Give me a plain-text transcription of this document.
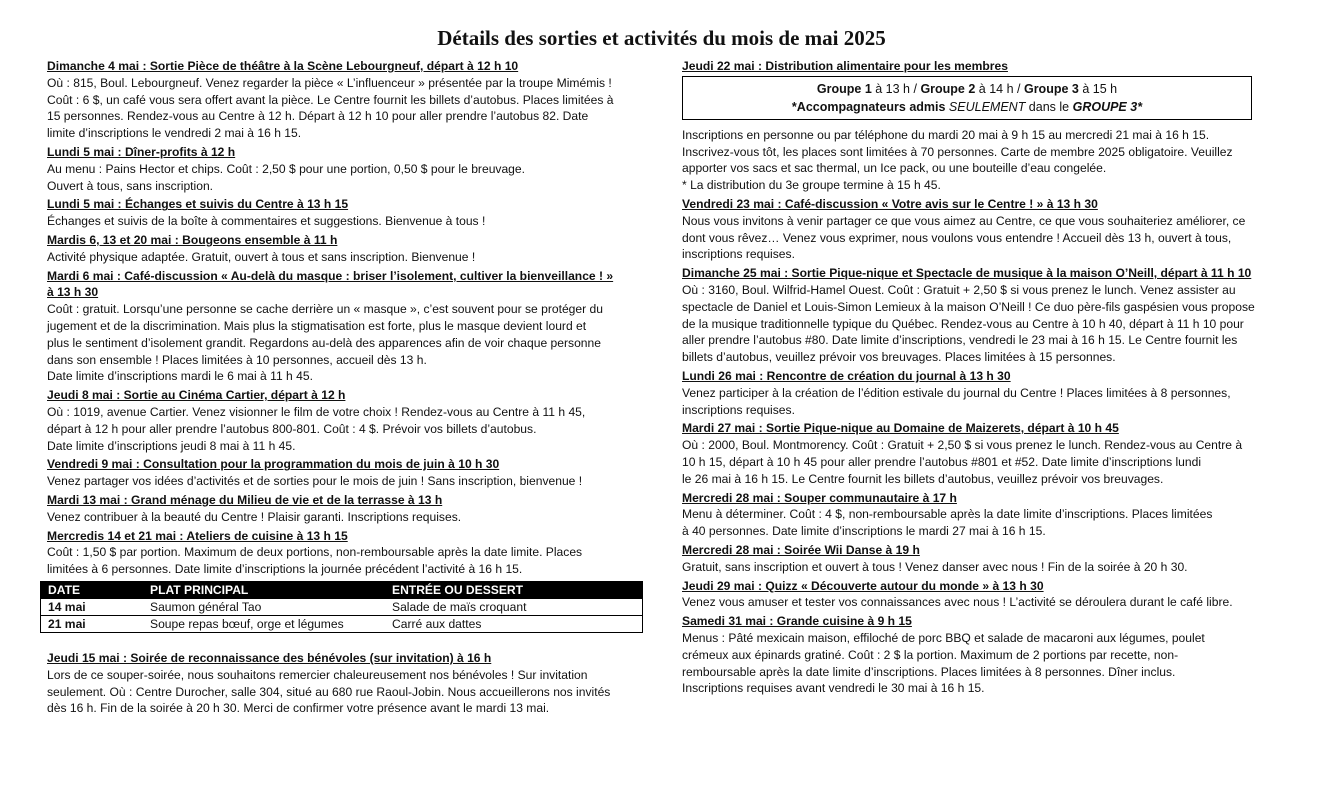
Détails des sorties et activités du mois de mai 2025
Dimanche 4 mai : Sortie Pièce de théâtre à la Scène Lebourgneuf, départ à 12 h 10
Où : 815, Boul. Lebourgneuf. Venez regarder la pièce « L’influenceur » présentée par la troupe Mimémis !
Coût : 6 $, un café vous sera offert avant la pièce. Le Centre fournit les billets d’autobus. Places limitées à
15 personnes. Rendez-vous au Centre à 12 h. Départ à 12 h 10 pour aller prendre l’autobus 82. Date
limite d’inscriptions le vendredi 2 mai à 16 h 15.
Lundi 5 mai : Dîner-profits à 12 h
Au menu : Pains Hector et chips. Coût : 2,50 $ pour une portion, 0,50 $ pour le breuvage.
Ouvert à tous, sans inscription.
Lundi 5 mai : Échanges et suivis du Centre à 13 h 15
Échanges et suivis de la boîte à commentaires et suggestions. Bienvenue à tous !
Mardis 6, 13 et 20 mai : Bougeons ensemble à 11 h
Activité physique adaptée. Gratuit, ouvert à tous et sans inscription. Bienvenue !
Mardi 6 mai : Café-discussion « Au-delà du masque : briser l’isolement, cultiver la bienveillance ! »
à 13 h 30
Coût : gratuit. Lorsqu’une personne se cache derrière un « masque », c’est souvent pour se protéger du
jugement et de la discrimination. Mais plus la stigmatisation est forte, plus le masque devient lourd et
plus le sentiment d’isolement grandit. Regardons au-delà des apparences afin de voir chaque personne
dans son ensemble ! Places limitées à 10 personnes, accueil dès 13 h.
Date limite d’inscriptions mardi le 6 mai à 11 h 45.
Jeudi 8 mai : Sortie au Cinéma Cartier, départ à 12 h
Où : 1019, avenue Cartier. Venez visionner le film de votre choix ! Rendez-vous au Centre à 11 h 45,
départ à 12 h pour aller prendre l’autobus 800-801. Coût : 4 $. Prévoir vos billets d’autobus.
Date limite d’inscriptions jeudi 8 mai à 11 h 45.
Vendredi 9 mai : Consultation pour la programmation du mois de juin à 10 h 30
Venez partager vos idées d’activités et de sorties pour le mois de juin ! Sans inscription, bienvenue !
Mardi 13 mai : Grand ménage du Milieu de vie et de la terrasse à 13 h
Venez contribuer à la beauté du Centre ! Plaisir garanti. Inscriptions requises.
Mercredis 14 et 21 mai : Ateliers de cuisine à 13 h 15
Coût : 1,50 $ par portion. Maximum de deux portions, non-remboursable après la date limite. Places
limitées à 6 personnes. Date limite d’inscriptions la journée précédent l’activité à 16 h 15.
DATE	PLAT PRINCIPAL	ENTRÉE OU DESSERT
14 mai	Saumon général Tao	Salade de maïs croquant
21 mai	Soupe repas bœuf, orge et légumes	Carré aux dattes
Jeudi 15 mai : Soirée de reconnaissance des bénévoles (sur invitation) à 16 h
Lors de ce souper-soirée, nous souhaitons remercier chaleureusement nos bénévoles ! Sur invitation
seulement. Où : Centre Durocher, salle 304, situé au 680 rue Raoul-Jobin. Nous accueillerons nos invités
dès 16 h. Fin de la soirée à 20 h 30. Merci de confirmer votre présence avant le mardi 13 mai.
Jeudi 22 mai : Distribution alimentaire pour les membres
Groupe 1 à 13 h / Groupe 2 à 14 h / Groupe 3 à 15 h
*Accompagnateurs admis SEULEMENT dans le GROUPE 3*
Inscriptions en personne ou par téléphone du mardi 20 mai à 9 h 15 au mercredi 21 mai à 16 h 15.
Inscrivez-vous tôt, les places sont limitées à 70 personnes. Carte de membre 2025 obligatoire. Veuillez
apporter vos sacs et sac thermal, un Ice pack, ou une bouteille d’eau congelée.
* La distribution du 3e groupe termine à 15 h 45.
Vendredi 23 mai : Café-discussion « Votre avis sur le Centre ! » à 13 h 30
Nous vous invitons à venir partager ce que vous aimez au Centre, ce que vous souhaiteriez améliorer, ce
dont vous rêvez… Venez vous exprimer, nous voulons vous entendre ! Accueil dès 13 h, ouvert à tous,
inscriptions requises.
Dimanche 25 mai : Sortie Pique-nique et Spectacle de musique à la maison O’Neill, départ à 11 h 10
Où : 3160, Boul. Wilfrid-Hamel Ouest. Coût : Gratuit + 2,50 $ si vous prenez le lunch. Venez assister au
spectacle de Daniel et Louis-Simon Lemieux à la maison O’Neill ! Ce duo père-fils gaspésien vous propose
de la musique traditionnelle typique du Québec. Rendez-vous au Centre à 10 h 40, départ à 11 h 10 pour
aller prendre l’autobus #80. Date limite d’inscriptions, vendredi le 23 mai à 16 h 15. Le Centre fournit les
billets d’autobus, veuillez prévoir vos breuvages. Places limitées à 15 personnes.
Lundi 26 mai : Rencontre de création du journal à 13 h 30
Venez participer à la création de l’édition estivale du journal du Centre ! Places limitées à 8 personnes,
inscriptions requises.
Mardi 27 mai : Sortie Pique-nique au Domaine de Maizerets, départ à 10 h 45
Où : 2000, Boul. Montmorency. Coût : Gratuit + 2,50 $ si vous prenez le lunch. Rendez-vous au Centre à
10 h 15, départ à 10 h 45 pour aller prendre l’autobus #801 et #52. Date limite d’inscriptions lundi
le 26 mai à 16 h 15. Le Centre fournit les billets d’autobus, veuillez prévoir vos breuvages.
Mercredi 28 mai : Souper communautaire à 17 h
Menu à déterminer. Coût : 4 $, non-remboursable après la date limite d’inscriptions. Places limitées
à 40 personnes. Date limite d’inscriptions le mardi 27 mai à 16 h 15.
Mercredi 28 mai : Soirée Wii Danse à 19 h
Gratuit, sans inscription et ouvert à tous ! Venez danser avec nous ! Fin de la soirée à 20 h 30.
Jeudi 29 mai : Quizz « Découverte autour du monde » à 13 h 30
Venez vous amuser et tester vos connaissances avec nous ! L’activité se déroulera durant le café libre.
Samedi 31 mai : Grande cuisine à 9 h 15
Menus : Pâté mexicain maison, effiloché de porc BBQ et salade de macaroni aux légumes, poulet
crémeux aux épinards gratiné. Coût : 2 $ la portion. Maximum de 2 portions par recette, non-
remboursable après la date limite d’inscriptions. Places limitées à 8 personnes. Dîner inclus.
Inscriptions requises avant vendredi le 30 mai à 16 h 15.
